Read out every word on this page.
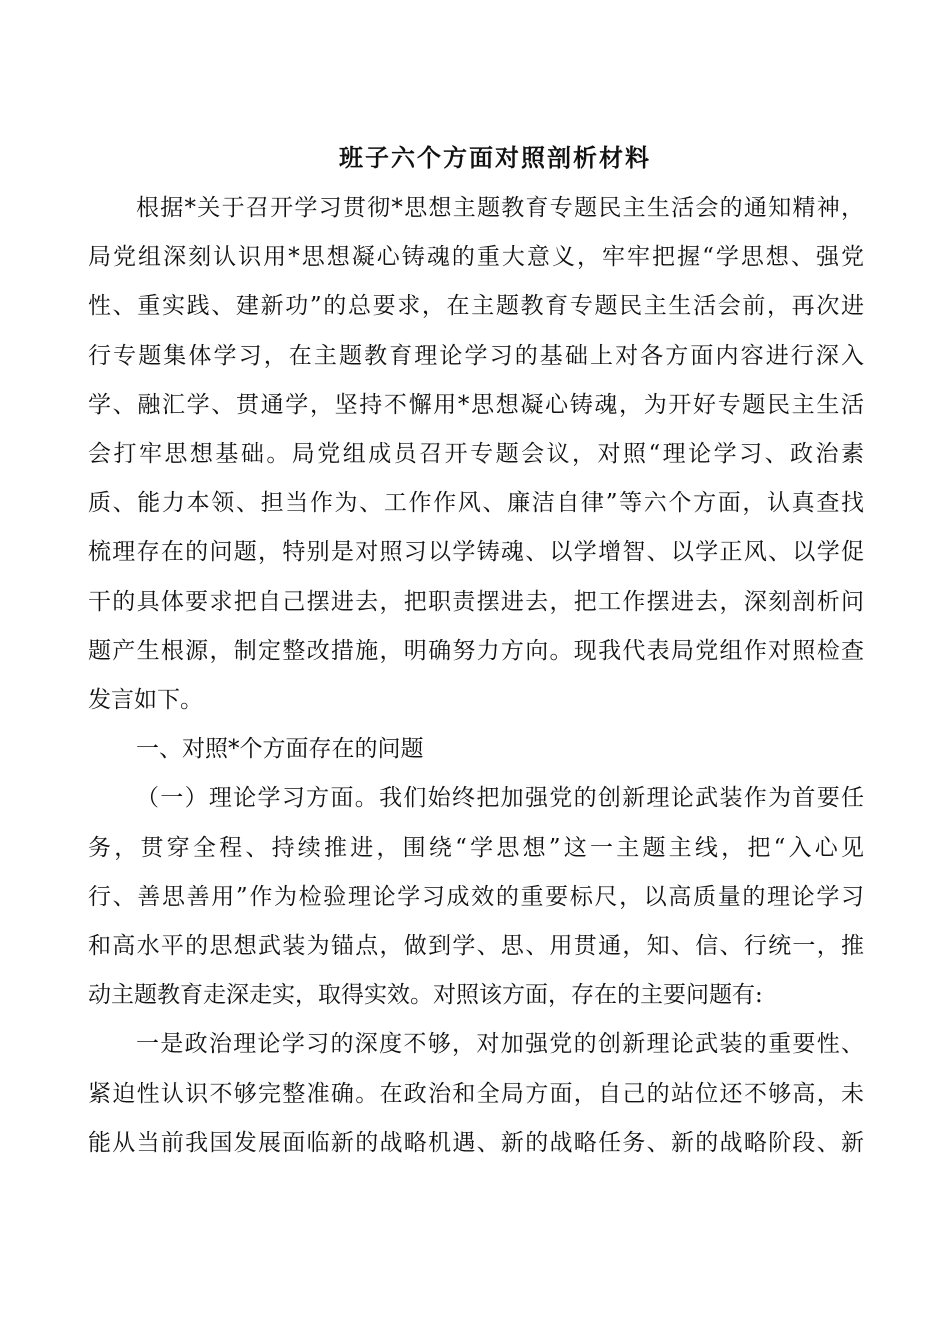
班子六个方面对照剖析材料
根据*关于召开学习贯彻*思想主题教育专题民主生活会的通知精神，
局党组深刻认识用*思想凝心铸魂的重大意义，牢牢把握“学思想、强党
性、重实践、建新功”的总要求，在主题教育专题民主生活会前，再次进
行专题集体学习，在主题教育理论学习的基础上对各方面内容进行深入
学、融汇学、贯通学，坚持不懈用*思想凝心铸魂，为开好专题民主生活
会打牢思想基础。局党组成员召开专题会议，对照“理论学习、政治素
质、能力本领、担当作为、工作作风、廉洁自律”等六个方面，认真查找
梳理存在的问题，特别是对照习以学铸魂、以学增智、以学正风、以学促
干的具体要求把自己摆进去，把职责摆进去，把工作摆进去，深刻剖析问
题产生根源，制定整改措施，明确努力方向。现我代表局党组作对照检查
发言如下。
一、对照*个方面存在的问题
（一）理论学习方面。我们始终把加强党的创新理论武装作为首要任
务，贯穿全程、持续推进，围绕“学思想”这一主题主线，把“入心见
行、善思善用”作为检验理论学习成效的重要标尺，以高质量的理论学习
和高水平的思想武装为锚点，做到学、思、用贯通，知、信、行统一，推
动主题教育走深走实，取得实效。对照该方面，存在的主要问题有:
一是政治理论学习的深度不够，对加强党的创新理论武装的重要性、
紧迫性认识不够完整准确。在政治和全局方面，自己的站位还不够高，未
能从当前我国发展面临新的战略机遇、新的战略任务、新的战略阶段、新
